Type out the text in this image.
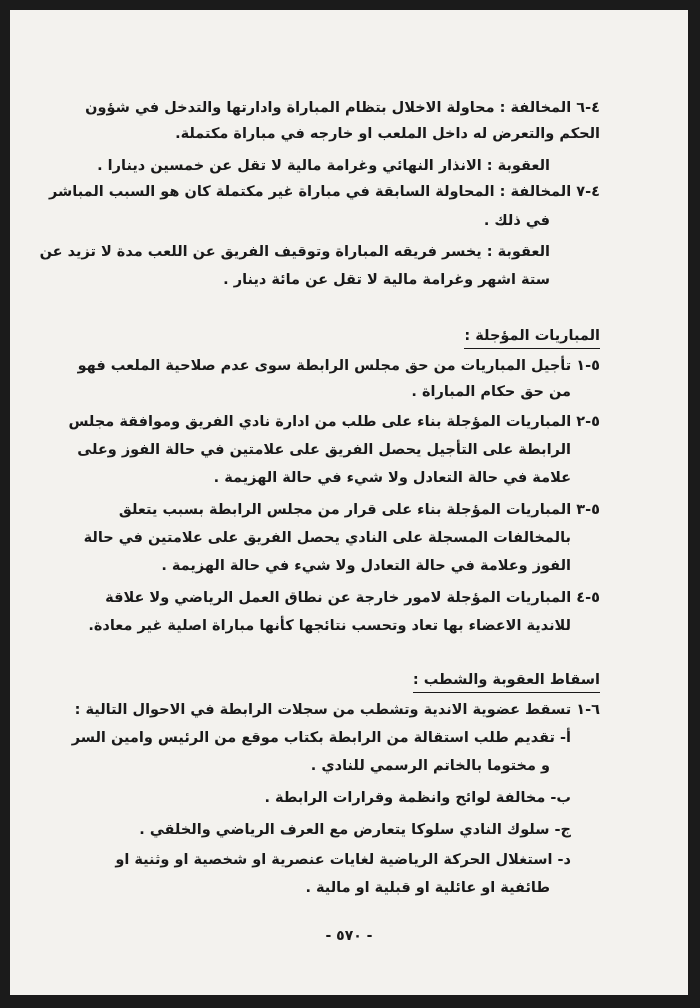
٤-٦ المخالفة : محاولة الاخلال بتظام المباراة وادارتها والتدخل في شؤون
الحكم والتعرض له داخل الملعب او خارجه في مباراة مكتملة.
العقوبة : الانذار النهائي وغرامة مالية لا تقل عن خمسين دينارا .
٤-٧ المخالفة : المحاولة السابقة في مباراة غير مكتملة كان هو السبب المباشر
في ذلك .
العقوبة : يخسر فريقه المباراة وتوقيف الفريق عن اللعب مدة لا تزيد عن
ستة اشهر وغرامة مالية لا تقل عن مائة دينار .
المباريات المؤجلة :
٥-١ تأجيل المباريات من حق مجلس الرابطة سوى عدم صلاحية الملعب فهو
من حق حكام المباراة .
٥-٢ المباريات المؤجلة بناء على طلب من ادارة نادي الفريق وموافقة مجلس
الرابطة على التأجيل يحصل الفريق على علامتين في حالة الفوز وعلى
علامة في حالة التعادل ولا شيء في حالة الهزيمة .
٥-٣ المباريات المؤجلة بناء على قرار من مجلس الرابطة بسبب يتعلق
بالمخالفات المسجلة على النادي يحصل الفريق على علامتين في حالة
الفوز وعلامة في حالة التعادل ولا شيء في حالة الهزيمة .
٥-٤ المباريات المؤجلة لامور خارجة عن نطاق العمل الرياضي ولا علاقة
للاندية الاعضاء بها تعاد وتحسب نتائجها كأنها مباراة اصلية غير معادة.
اسقاط العقوبة والشطب :
٦-١ تسقط عضوية الاندية وتشطب من سجلات الرابطة في الاحوال التالية :
أ- تقديم طلب استقالة من الرابطة بكتاب موقع من الرئيس وامين السر
و مختوما بالخاتم الرسمي للنادي .
ب- مخالفة لوائح وانظمة وقرارات الرابطة .
ج- سلوك النادي سلوكا يتعارض مع العرف الرياضي والخلقي .
د- استغلال الحركة الرياضية لغايات عنصرية او شخصية او وثنية او
طائفية او عائلية او قبلية او مالية .
- ٥٧٠ -
